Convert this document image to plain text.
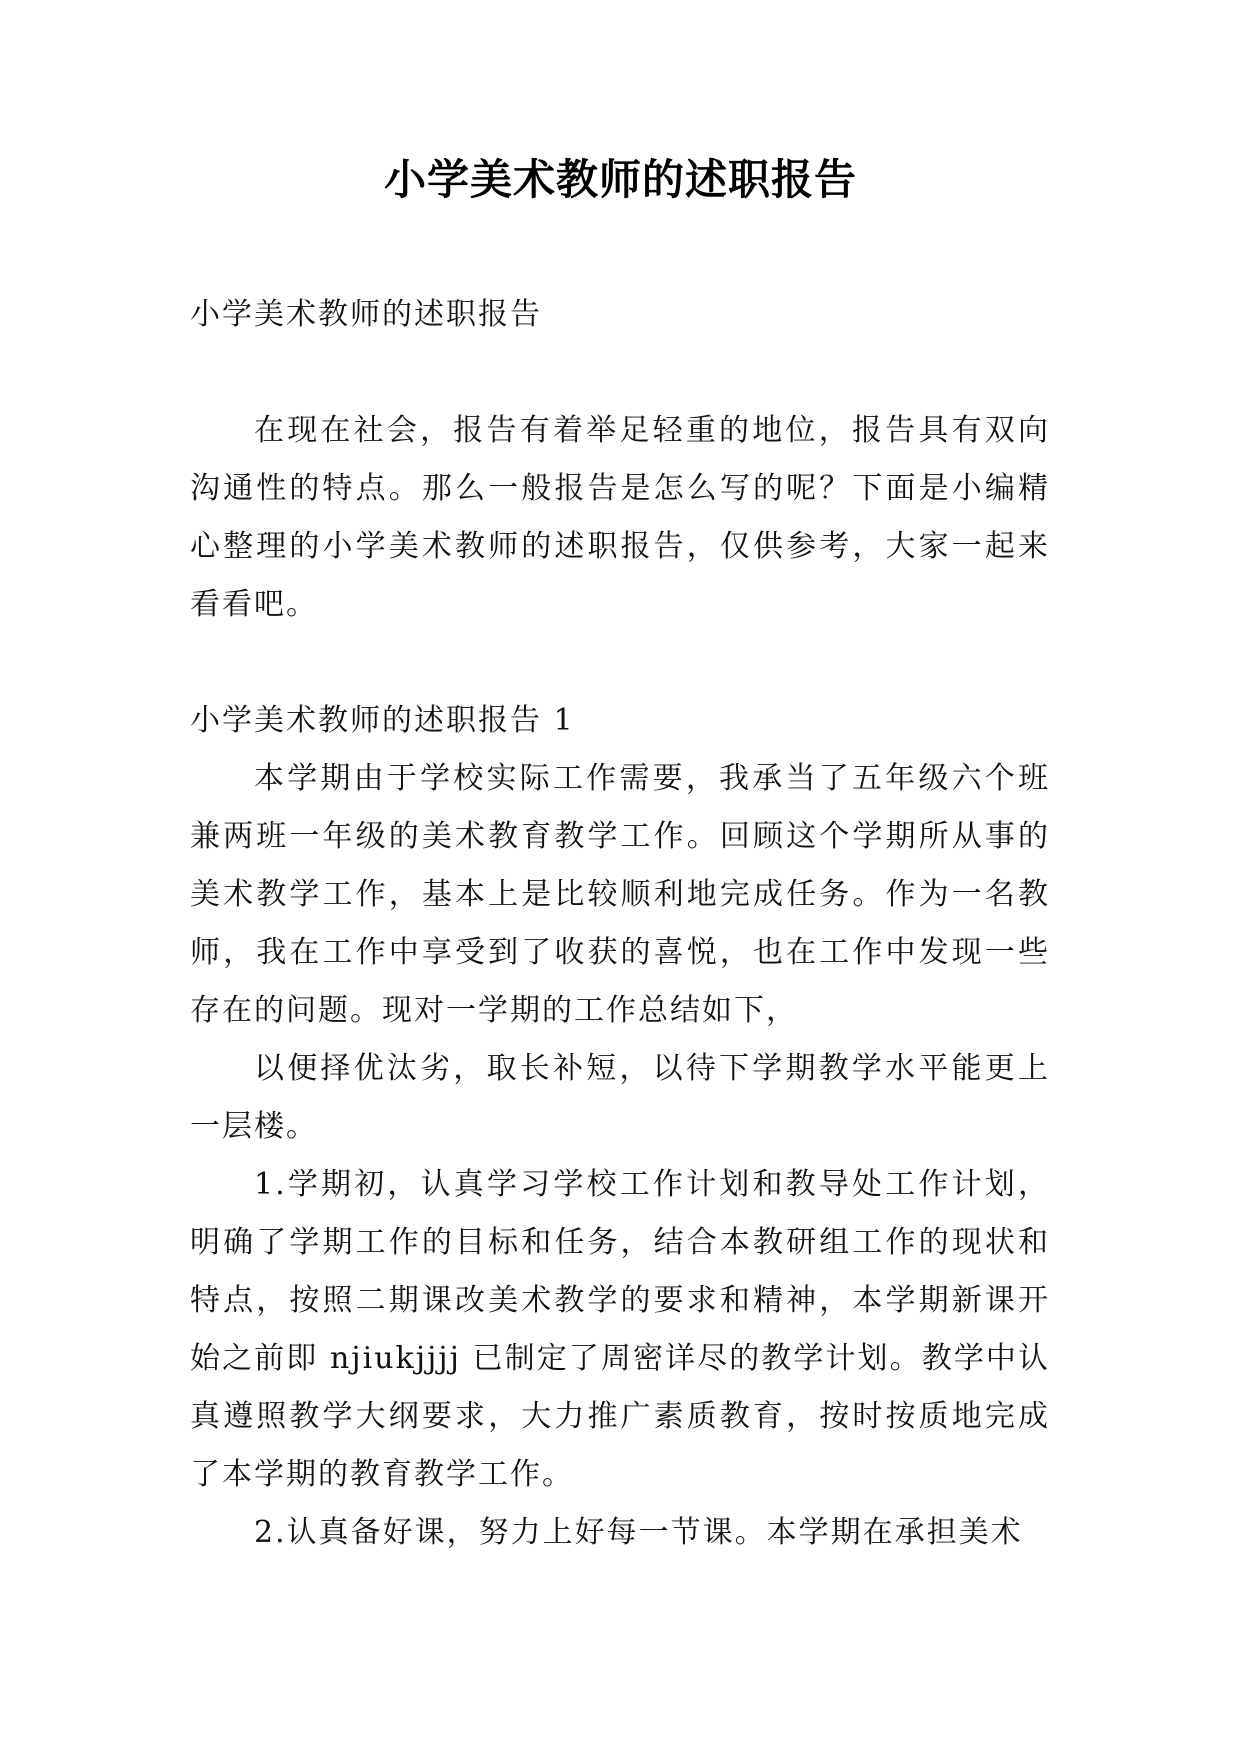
小学美术教师的述职报告

小学美术教师的述职报告

在现在社会，报告有着举足轻重的地位，报告具有双向沟通性的特点。那么一般报告是怎么写的呢？下面是小编精心整理的小学美术教师的述职报告，仅供参考，大家一起来看看吧。

小学美术教师的述职报告 1

本学期由于学校实际工作需要，我承当了五年级六个班兼两班一年级的美术教育教学工作。回顾这个学期所从事的美术教学工作，基本上是比较顺利地完成任务。作为一名教师，我在工作中享受到了收获的喜悦，也在工作中发现一些存在的问题。现对一学期的工作总结如下，

以便择优汰劣，取长补短，以待下学期教学水平能更上一层楼。

1.学期初，认真学习学校工作计划和教导处工作计划，明确了学期工作的目标和任务，结合本教研组工作的现状和特点，按照二期课改美术教学的要求和精神，本学期新课开始之前即 njiukjjjj 已制定了周密详尽的教学计划。教学中认真遵照教学大纲要求，大力推广素质教育，按时按质地完成了本学期的教育教学工作。

2.认真备好课，努力上好每一节课。本学期在承担美术
